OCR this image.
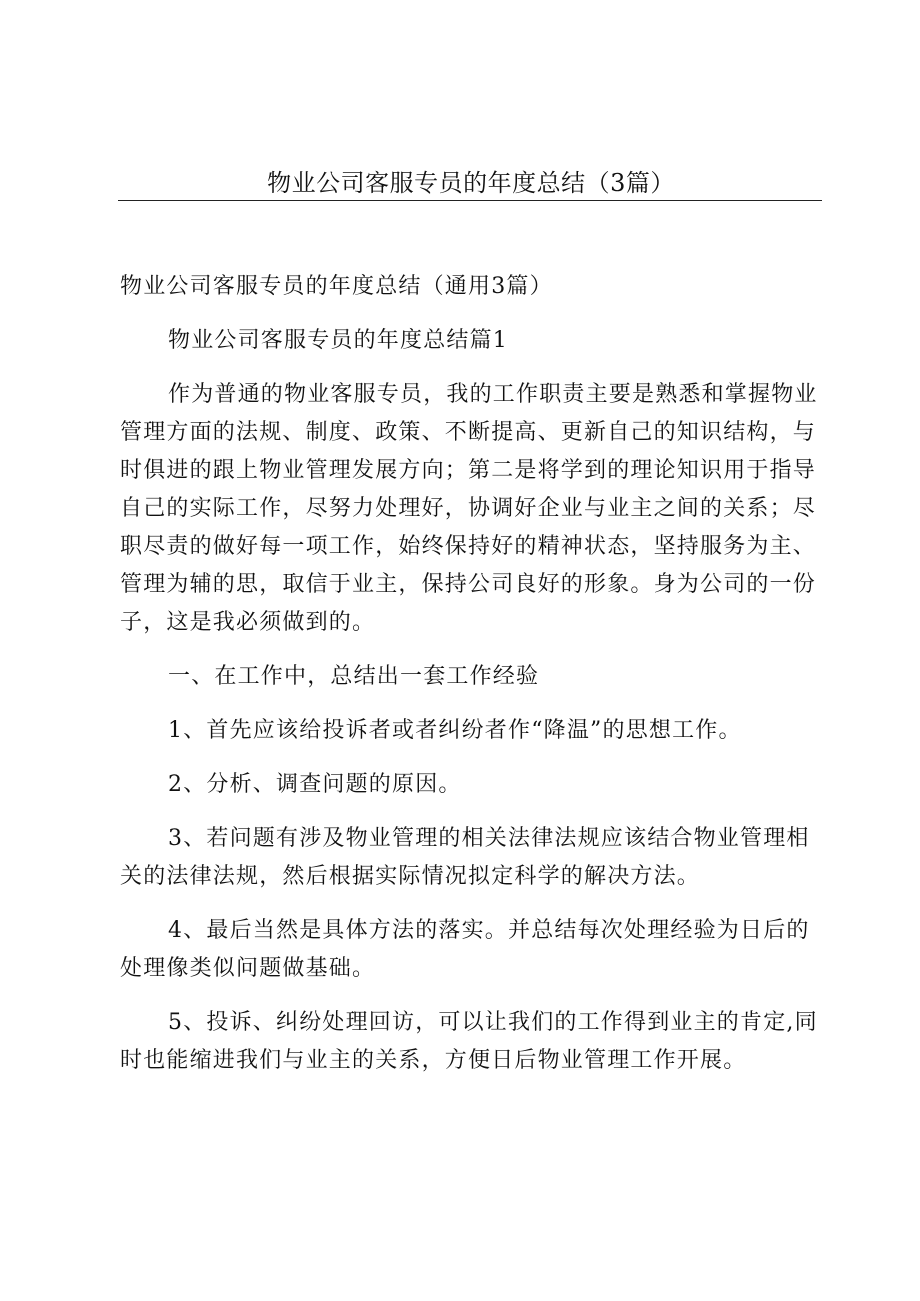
物业公司客服专员的年度总结（3篇）

物业公司客服专员的年度总结（通用3篇）

物业公司客服专员的年度总结篇1

作为普通的物业客服专员，我的工作职责主要是熟悉和掌握物业

管理方面的法规、制度、政策、不断提高、更新自己的知识结构，与

时俱进的跟上物业管理发展方向；第二是将学到的理论知识用于指导

自己的实际工作，尽努力处理好，协调好企业与业主之间的关系；尽

职尽责的做好每一项工作，始终保持好的精神状态，坚持服务为主、

管理为辅的思，取信于业主，保持公司良好的形象。身为公司的一份

子，这是我必须做到的。

一、在工作中，总结出一套工作经验

1、首先应该给投诉者或者纠纷者作“降温”的思想工作。

2、分析、调查问题的原因。

3、若问题有涉及物业管理的相关法律法规应该结合物业管理相

关的法律法规，然后根据实际情况拟定科学的解决方法。

4、最后当然是具体方法的落实。并总结每次处理经验为日后的

处理像类似问题做基础。

5、投诉、纠纷处理回访，可以让我们的工作得到业主的肯定,同

时也能缩进我们与业主的关系，方便日后物业管理工作开展。
